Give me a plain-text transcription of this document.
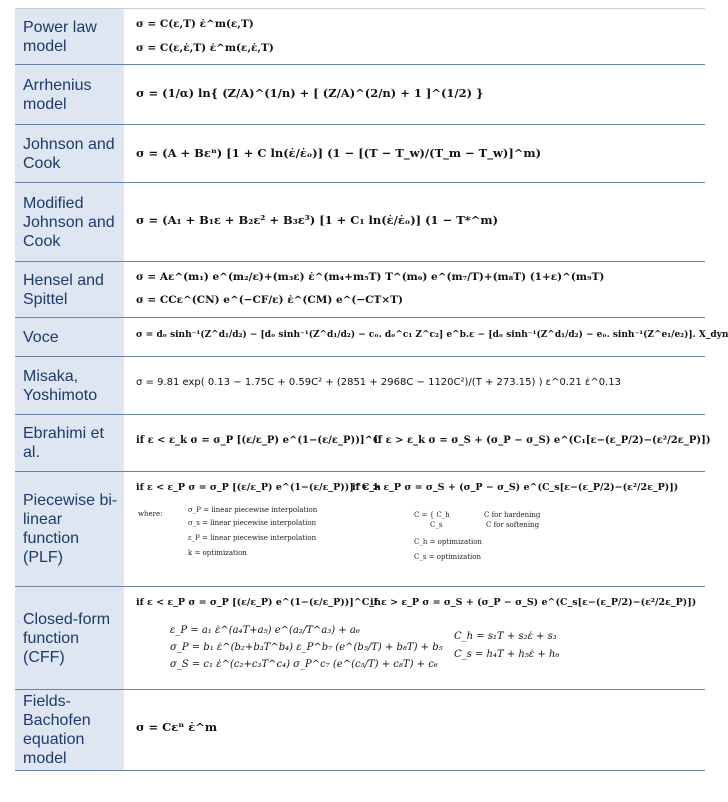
Power law model
σ = C(ε,T) ε̇^m(ε,T)
σ = C(ε,ε̇,T) ε̇^m(ε,ε̇,T)
Arrhenius model
σ = (1/α) ln{ (Z/A)^(1/n) + [ (Z/A)^(2/n) + 1 ]^(1/2) }
Johnson and Cook
σ = (A + Bεⁿ) [1 + C ln(ε̇/ε̇ₒ)] (1 − [(T − T_w)/(T_m − T_w)]^m)
Modified Johnson and Cook
σ = (A₁ + B₁ε + B₂ε² + B₃ε³) [1 + C₁ ln(ε̇/ε̇ₒ)] (1 − T*^m)
Hensel and Spittel
σ = Aε^(m₁) e^(m₂/ε)+(m₃ε) ε̇^(m₄+m₅T) T^(m₆) e^(m₇/T)+(m₈T) (1+ε)^(m₉T)
σ = CCε^(CN) e^(−CF/ε) ε̇^(CM) e^(−CT×T)
Voce	σ = dₒ sinh⁻¹(Z^d₁/d₂) − [dₒ sinh⁻¹(Z^d₁/d₂) − cₒ. dₒ^c₁ Z^c₂] e^b.ε − [dₒ sinh⁻¹(Z^d₁/d₂) − eₒ. sinh⁻¹(Z^e₁/e₂)]. X_dyn
Misaka, Yoshimoto
σ = 9.81 exp( 0.13 − 1.75C + 0.59C² + (2851 + 2968C − 1120C²)/(T + 273.15) ) ε^0.21 ε̇^0.13
Ebrahimi et al.
if ε < ε_k σ = σ_P [(ε/ε_P) e^(1−(ε/ε_P))]^C
if ε > ε_k σ = σ_S + (σ_P − σ_S) e^(C₁[ε−(ε_P/2)−(ε²/2ε_P)])
Piecewise bi-linear function (PLF)
if ε < ε_P σ = σ_P [(ε/ε_P) e^(1−(ε/ε_P))]^C_h
if ε > ε_P σ = σ_S + (σ_P − σ_S) e^(C_s[ε−(ε_P/2)−(ε²/2ε_P)])
where:	σ_P = linear piecewise interpolation
σ_s = linear piecewise interpolation
ε_P = linear piecewise interpolation
k = optimization
C = { C_h
C_s
C for hardening
C for softening
C_h = optimization
C_s = optimization
Closed-form function (CFF)
if ε < ε_P σ = σ_P [(ε/ε_P) e^(1−(ε/ε_P))]^C_h
if ε > ε_P σ = σ_S + (σ_P − σ_S) e^(C_s[ε−(ε_P/2)−(ε²/2ε_P)])
ε_P = a₁ ε̇^(a₄T+a₅) e^(a₂/T^a₃) + a₆
σ_P = b₁ ε̇^(b₂+b₃T^b₄) ε_P^b₇ (e^(b₅/T) + b₈T) + b₅
σ_S = c₁ ε̇^(c₂+c₃T^c₄) σ_P^c₇ (e^(c₅/T) + c₈T) + c₆
C_h = s₁T + s₂ε̇ + s₃
C_s = h₄T + h₅ε̇ + h₆
Fields-Bachofen equation model
σ = Cεⁿ ε̇^m
